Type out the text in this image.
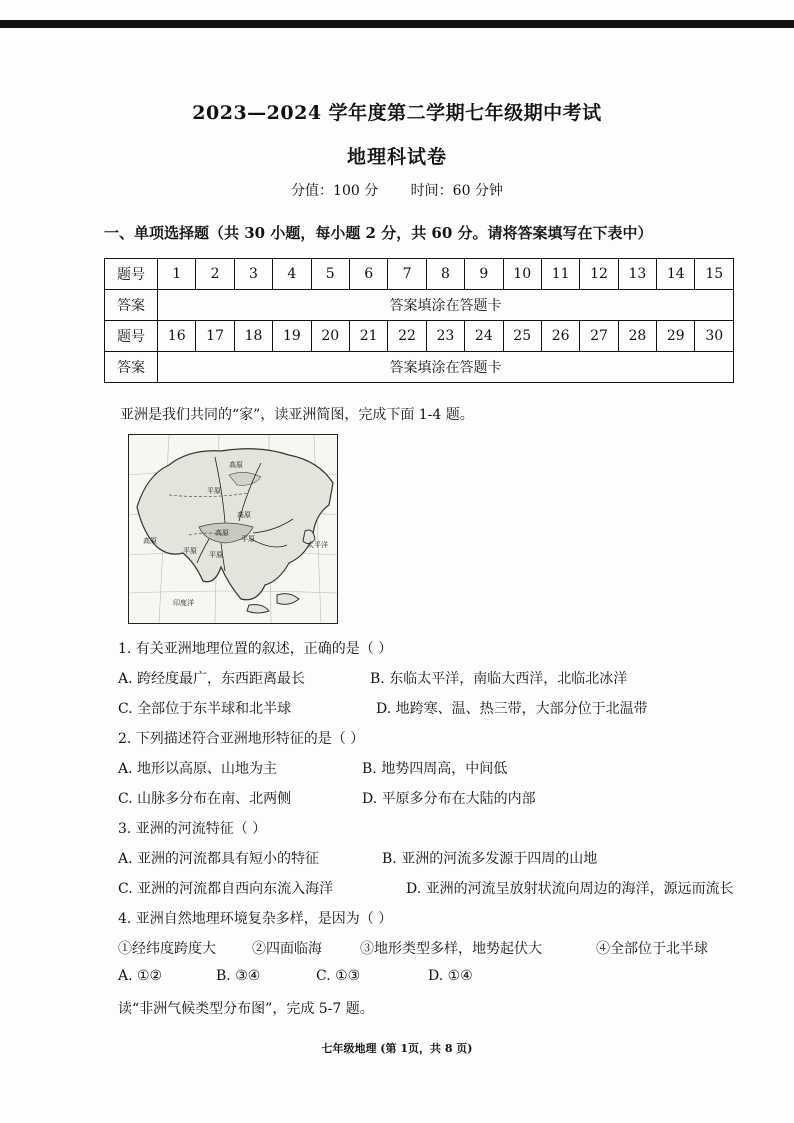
2023—2024 学年度第二学期七年级期中考试
地理科试卷
分值：100 分 时间：60 分钟
一、单项选择题（共 30 小题，每小题 2 分，共 60 分。请将答案填写在下表中）
题号	1	2	3	4	5	6	7	8	9	10	11	12	13	14	15
答案	答案填涂在答题卡														
题号	16	17	18	19	20	21	22	23	24	25	26	27	28	29	30
答案	答案填涂在答题卡														
亚洲是我们共同的“家”，读亚洲简图，完成下面 1-4 题。
高原
平原
高原
高原
平原 平原
平原
高原
太平洋
印度洋
1. 有关亚洲地理位置的叙述，正确的是（ ）
A. 跨经度最广，东西距离最长	B. 东临太平洋，南临大西洋，北临北冰洋
C. 全部位于东半球和北半球	D. 地跨寒、温、热三带，大部分位于北温带
2. 下列描述符合亚洲地形特征的是（ ）
A. 地形以高原、山地为主	B. 地势四周高，中间低
C. 山脉多分布在南、北两侧	D. 平原多分布在大陆的内部
3. 亚洲的河流特征（ ）
A. 亚洲的河流都具有短小的特征	B. 亚洲的河流多发源于四周的山地
C. 亚洲的河流都自西向东流入海洋	D. 亚洲的河流呈放射状流向周边的海洋，源远而流长
4. 亚洲自然地理环境复杂多样，是因为（ ）
①经纬度跨度大	②四面临海	③地形类型多样，地势起伏大	④全部位于北半球
A. ①②	B. ③④	C. ①③	D. ①④
读“非洲气候类型分布图”，完成 5-7 题。
七年级地理 (第 1页，共 8 页)
